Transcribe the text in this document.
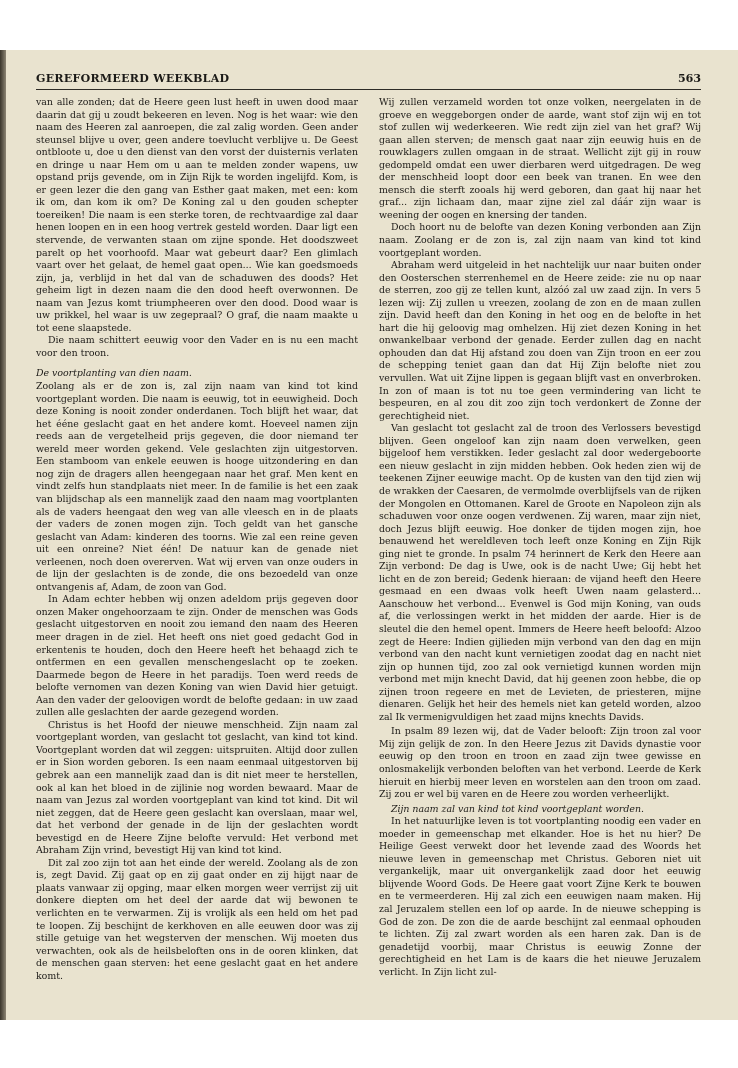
GEREFORMEERD WEEKBLAD	563

van alle zonden; dat de Heere geen lust heeft in uwen dood maar daarin dat gij u zoudt bekeeren en leven. Nog is het waar: wie den naam des Heeren zal aanroepen, die zal zalig worden. Geen ander steunsel blijve u over, geen andere toevlucht verblijve u. De Geest ontbloote u, doe u den dienst van den vorst der duisternis verlaten en dringe u naar Hem om u aan te melden zonder wapens, uw opstand prijs gevende, om in Zijn Rijk te worden ingelijfd. Kom, is er geen lezer die den gang van Esther gaat maken, met een: kom ik om, dan kom ik om? De Koning zal u den gouden schepter toereiken! Die naam is een sterke toren, de rechtvaardige zal daar henen loopen en in een hoog vertrek gesteld worden. Daar ligt een stervende, de verwanten staan om zijne sponde. Het doodszweet parelt op het voorhoofd. Maar wat gebeurt daar? Een glimlach vaart over het gelaat, de hemel gaat open... Wie kan goedsmoeds zijn, ja, verblijd in het dal van de schaduwen des doods? Het geheim ligt in dezen naam die den dood heeft overwonnen. De naam van Jezus komt triumpheeren over den dood. Dood waar is uw prikkel, hel waar is uw zegepraal? O graf, die naam maakte u tot eene slaapstede.

Die naam schittert eeuwig voor den Vader en is nu een macht voor den troon.

De voortplanting van dien naam.

Zoolang als er de zon is, zal zijn naam van kind tot kind voortgeplant worden. Die naam is eeuwig, tot in eeuwigheid. Doch deze Koning is nooit zonder onderdanen. Toch blijft het waar, dat het ééne geslacht gaat en het andere komt. Hoeveel namen zijn reeds aan de vergetelheid prijs gegeven, die door niemand ter wereld meer worden gekend. Vele geslachten zijn uitgestorven. Een stamboom van enkele eeuwen is hooge uitzondering en dan nog zijn de dragers allen heengegaan naar het graf. Men kent en vindt zelfs hun standplaats niet meer. In de familie is het een zaak van blijdschap als een mannelijk zaad den naam mag voortplanten als de vaders heengaat den weg van alle vleesch en in de plaats der vaders de zonen mogen zijn. Toch geldt van het gansche geslacht van Adam: kinderen des toorns. Wie zal een reine geven uit een onreine? Niet één! De natuur kan de genade niet verleenen, noch doen overerven. Wat wij erven van onze ouders in de lijn der geslachten is de zonde, die ons bezoedeld van onze ontvangenis af, Adam, de zoon van God.

In Adam echter hebben wij onzen adeldom prijs gegeven door onzen Maker ongehoorzaam te zijn. Onder de menschen was Gods geslacht uitgestorven en nooit zou iemand den naam des Heeren meer dragen in de ziel. Het heeft ons niet goed gedacht God in erkentenis te houden, doch den Heere heeft het behaagd zich te ontfermen en een gevallen menschengeslacht op te zoeken. Daarmede begon de Heere in het paradijs. Toen werd reeds de belofte vernomen van dezen Koning van wien David hier getuigt. Aan den vader der geloovigen wordt de belofte gedaan: in uw zaad zullen alle geslachten der aarde gezegend worden.

Christus is het Hoofd der nieuwe menschheid. Zijn naam zal voortgeplant worden, van geslacht tot geslacht, van kind tot kind. Voortgeplant worden dat wil zeggen: uitspruiten. Altijd door zullen er in Sion worden geboren. Is een naam eenmaal uitgestorven bij gebrek aan een mannelijk zaad dan is dit niet meer te herstellen, ook al kan het bloed in de zijlinie nog worden bewaard. Maar de naam van Jezus zal worden voortgeplant van kind tot kind. Dit wil niet zeggen, dat de Heere geen geslacht kan overslaan, maar wel, dat het verbond der genade in de lijn der geslachten wordt bevestigd en de Heere Zijne belofte vervuld: Het verbond met Abraham Zijn vrind, bevestigt Hij van kind tot kind.

Dit zal zoo zijn tot aan het einde der wereld. Zoolang als de zon is, zegt David. Zij gaat op en zij gaat onder en zij hijgt naar de plaats vanwaar zij opging, maar elken morgen weer verrijst zij uit donkere diepten om het deel der aarde dat wij bewonen te verlichten en te verwarmen. Zij is vrolijk als een held om het pad te loopen. Zij beschijnt de kerkhoven en alle eeuwen door was zij stille getuige van het wegsterven der menschen. Wij moeten dus verwachten, ook als de heilsbeloften ons in de ooren klinken, dat de menschen gaan sterven: het eene geslacht gaat en het andere komt.

Wij zullen verzameld worden tot onze volken, neergelaten in de groeve en weggeborgen onder de aarde, want stof zijn wij en tot stof zullen wij wederkeeren. Wie redt zijn ziel van het graf? Wij gaan allen sterven; de mensch gaat naar zijn eeuwig huis en de rouwklagers zullen omgaan in de straat. Wellicht zijt gij in rouw gedompeld omdat een uwer dierbaren werd uitgedragen. De weg der menschheid loopt door een beek van tranen. En wee den mensch die sterft zooals hij werd geboren, dan gaat hij naar het graf... zijn lichaam dan, maar zijne ziel zal dáár zijn waar is weening der oogen en knersing der tanden.

Doch hoort nu de belofte van dezen Koning verbonden aan Zijn naam. Zoolang er de zon is, zal zijn naam van kind tot kind voortgeplant worden.

Abraham werd uitgeleid in het nachtelijk uur naar buiten onder den Oosterschen sterrenhemel en de Heere zeide: zie nu op naar de sterren, zoo gij ze tellen kunt, alzóó zal uw zaad zijn. In vers 5 lezen wij: Zij zullen u vreezen, zoolang de zon en de maan zullen zijn. David heeft dan den Koning in het oog en de belofte in het hart die hij geloovig mag omhelzen. Hij ziet dezen Koning in het onwankelbaar verbond der genade. Eerder zullen dag en nacht ophouden dan dat Hij afstand zou doen van Zijn troon en eer zou de schepping teniet gaan dan dat Hij Zijn belofte niet zou vervullen. Wat uit Zijne lippen is gegaan blijft vast en onverbroken. In zon of maan is tot nu toe geen vermindering van licht te bespeuren, en al zou dit zoo zijn toch verdonkert de Zonne der gerechtigheid niet.

Van geslacht tot geslacht zal de troon des Verlossers bevestigd blijven. Geen ongeloof kan zijn naam doen verwelken, geen bijgeloof hem verstikken. Ieder geslacht zal door wedergeboorte een nieuw geslacht in zijn midden hebben. Ook heden zien wij de teekenen Zijner eeuwige macht. Op de kusten van den tijd zien wij de wrakken der Caesaren, de vermolmde overblijfsels van de rijken der Mongolen en Ottomanen. Karel de Groote en Napoleon zijn als schaduwen voor onze oogen verdwenen. Zij waren, maar zijn niet, doch Jezus blijft eeuwig. Hoe donker de tijden mogen zijn, hoe benauwend het wereldleven toch leeft onze Koning en Zijn Rijk ging niet te gronde. In psalm 74 herinnert de Kerk den Heere aan Zijn verbond: De dag is Uwe, ook is de nacht Uwe; Gij hebt het licht en de zon bereid; Gedenk hieraan: de vijand heeft den Heere gesmaad en een dwaas volk heeft Uwen naam gelasterd... Aanschouw het verbond... Evenwel is God mijn Koning, van ouds af, die verlossingen werkt in het midden der aarde. Hier is de sleutel die den hemel opent. Immers de Heere heeft beloofd: Alzoo zegt de Heere: Indien gijlieden mijn verbond van den dag en mijn verbond van den nacht kunt vernietigen zoodat dag en nacht niet zijn op hunnen tijd, zoo zal ook vernietigd kunnen worden mijn verbond met mijn knecht David, dat hij geenen zoon hebbe, die op zijnen troon regeere en met de Levieten, de priesteren, mijne dienaren. Gelijk het heir des hemels niet kan geteld worden, alzoo zal Ik vermenigvuldigen het zaad mijns knechts Davids.

In psalm 89 lezen wij, dat de Vader belooft: Zijn troon zal voor Mij zijn gelijk de zon. In den Heere Jezus zit Davids dynastie voor eeuwig op den troon en troon en zaad zijn twee gewisse en onlosmakelijk verbonden beloften van het verbond. Leerde de Kerk hieruit en hierbij meer leven en worstelen aan den troon om zaad. Zij zou er wel bij varen en de Heere zou worden verheerlijkt.

Zijn naam zal van kind tot kind voortgeplant worden.

In het natuurlijke leven is tot voortplanting noodig een vader en moeder in gemeenschap met elkander. Hoe is het nu hier? De Heilige Geest verwekt door het levende zaad des Woords het nieuwe leven in gemeenschap met Christus. Geboren niet uit vergankelijk, maar uit onvergankelijk zaad door het eeuwig blijvende Woord Gods. De Heere gaat voort Zijne Kerk te bouwen en te vermeerderen. Hij zal zich een eeuwigen naam maken. Hij zal Jeruzalem stellen een lof op aarde. In de nieuwe schepping is God de zon. De zon die de aarde beschijnt zal eenmaal ophouden te lichten. Zij zal zwart worden als een haren zak. Dan is de genadetijd voorbij, maar Christus is eeuwig Zonne der gerechtigheid en het Lam is de kaars die het nieuwe Jeruzalem verlicht. In Zijn licht zul-
